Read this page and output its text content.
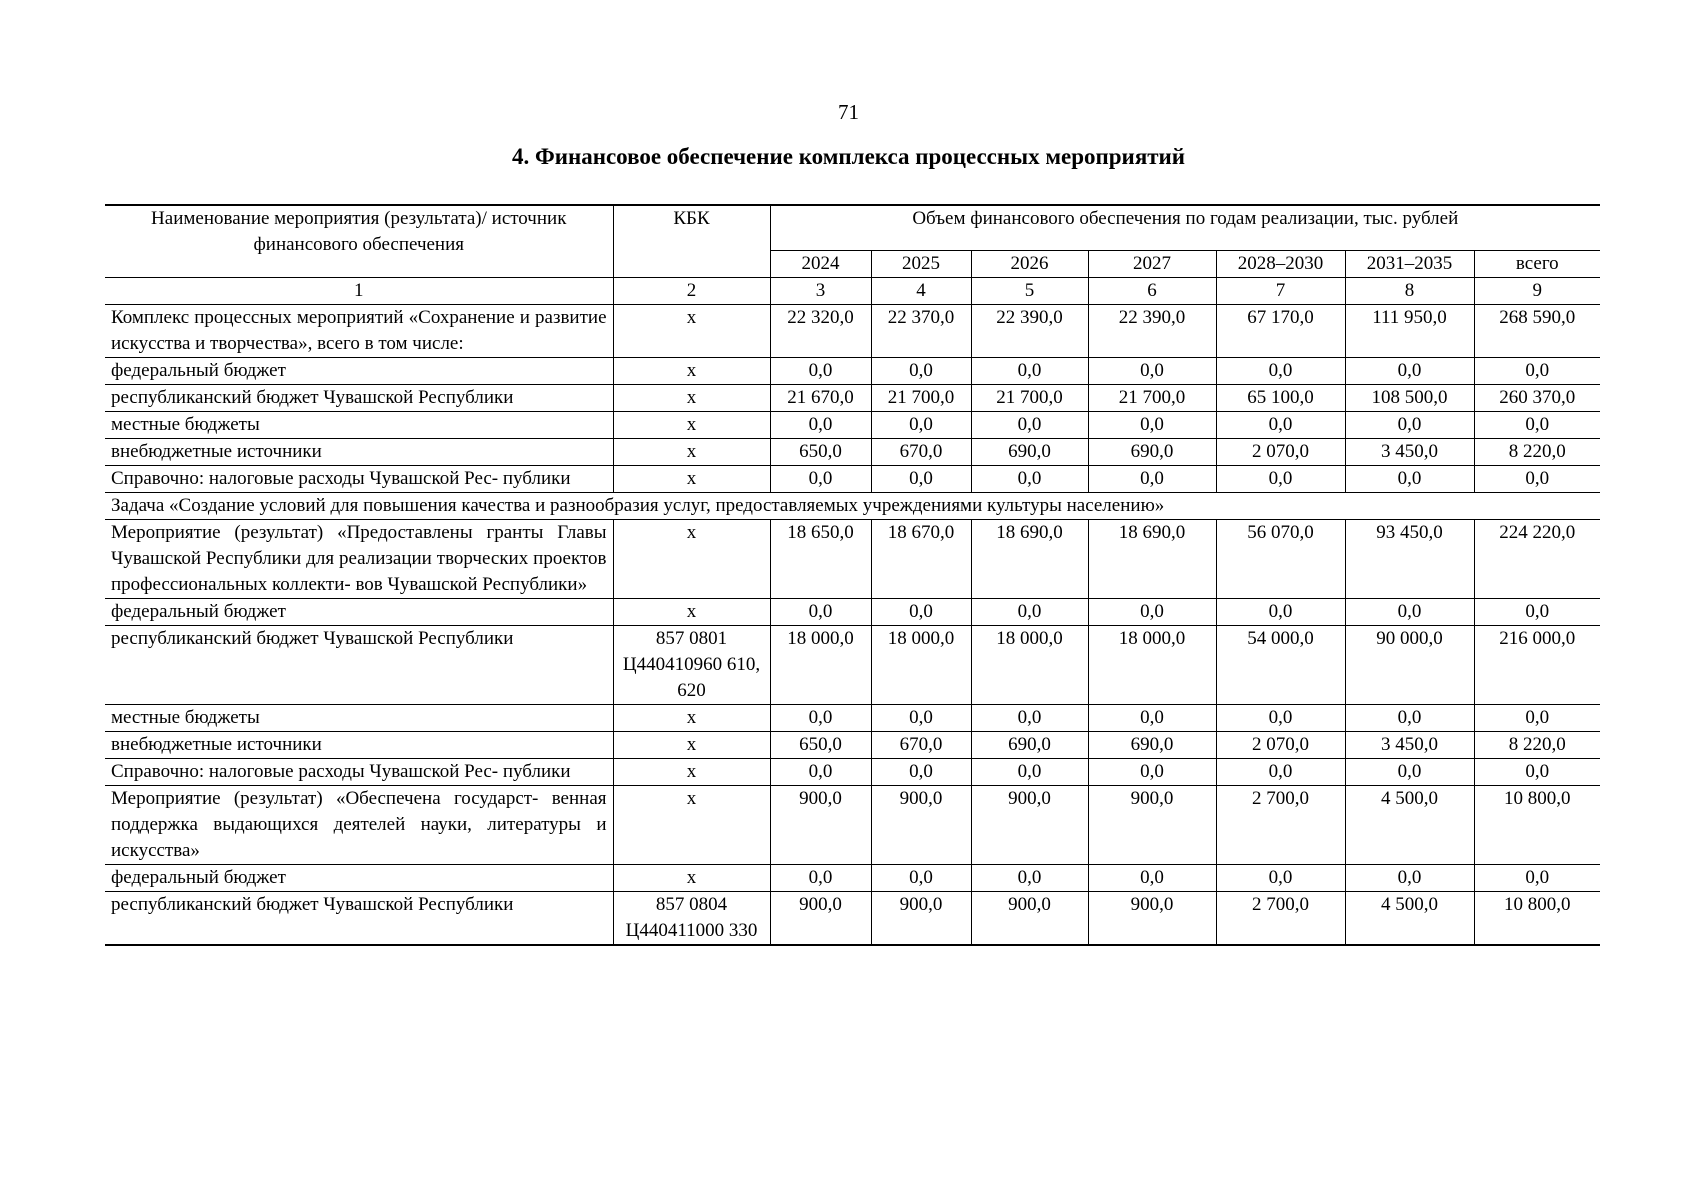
71
4. Финансовое обеспечение комплекса процессных мероприятий
Наименование мероприятия (результата)/ источник финансового обеспечения	КБК	Объем финансового обеспечения по годам реализации, тыс. рублей						
		2024	2025	2026	2027	2028–2030	2031–2035	всего
1	2	3	4	5	6	7	8	9
Комплекс процессных мероприятий «Сохранение и развитие искусства и творчества», всего в том числе:	x	22 320,0	22 370,0	22 390,0	22 390,0	67 170,0	111 950,0	268 590,0
федеральный бюджет	x	0,0	0,0	0,0	0,0	0,0	0,0	0,0
республиканский бюджет Чувашской Республики	x	21 670,0	21 700,0	21 700,0	21 700,0	65 100,0	108 500,0	260 370,0
местные бюджеты	x	0,0	0,0	0,0	0,0	0,0	0,0	0,0
внебюджетные источники	x	650,0	670,0	690,0	690,0	2 070,0	3 450,0	8 220,0
Справочно: налоговые расходы Чувашской Рес- публики	x	0,0	0,0	0,0	0,0	0,0	0,0	0,0
Задача «Создание условий для повышения качества и разнообразия услуг, предоставляемых учреждениями культуры населению»								
Мероприятие (результат) «Предоставлены гранты Главы Чувашской Республики для реализации творческих проектов профессиональных коллекти- вов Чувашской Республики»	x	18 650,0	18 670,0	18 690,0	18 690,0	56 070,0	93 450,0	224 220,0
федеральный бюджет	x	0,0	0,0	0,0	0,0	0,0	0,0	0,0
республиканский бюджет Чувашской Республики	857 0801 Ц440410960 610, 620	18 000,0	18 000,0	18 000,0	18 000,0	54 000,0	90 000,0	216 000,0
местные бюджеты	x	0,0	0,0	0,0	0,0	0,0	0,0	0,0
внебюджетные источники	x	650,0	670,0	690,0	690,0	2 070,0	3 450,0	8 220,0
Справочно: налоговые расходы Чувашской Рес- публики	x	0,0	0,0	0,0	0,0	0,0	0,0	0,0
Мероприятие (результат) «Обеспечена государст- венная поддержка выдающихся деятелей науки, литературы и искусства»	x	900,0	900,0	900,0	900,0	2 700,0	4 500,0	10 800,0
федеральный бюджет	x	0,0	0,0	0,0	0,0	0,0	0,0	0,0
республиканский бюджет Чувашской Республики	857 0804 Ц440411000 330	900,0	900,0	900,0	900,0	2 700,0	4 500,0	10 800,0
